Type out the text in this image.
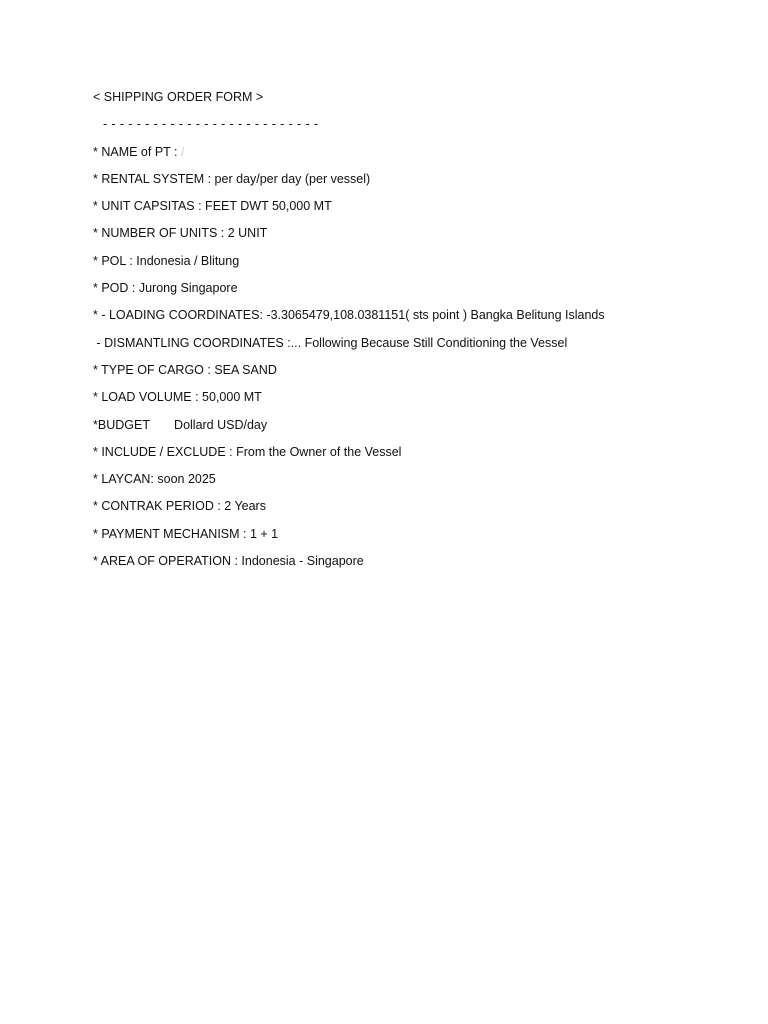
< SHIPPING ORDER FORM >
- - - - - - - - - - - - - - - - - - - - - - - - - -
* NAME of PT : /
* RENTAL SYSTEM : per day/per day (per vessel)
* UNIT CAPSITAS : FEET DWT 50,000 MT
* NUMBER OF UNITS : 2 UNIT
* POL : Indonesia / Blitung
* POD : Jurong Singapore
* - LOADING COORDINATES: -3.3065479,108.0381151( sts point ) Bangka Belitung Islands
- DISMANTLING COORDINATES :... Following Because Still Conditioning the Vessel
* TYPE OF CARGO : SEA SAND
* LOAD VOLUME : 50,000 MT
*BUDGET       Dollard USD/day
* INCLUDE / EXCLUDE : From the Owner of the Vessel
* LAYCAN: soon 2025
* CONTRAK PERIOD : 2 Years
* PAYMENT MECHANISM : 1 + 1
* AREA OF OPERATION : Indonesia - Singapore
